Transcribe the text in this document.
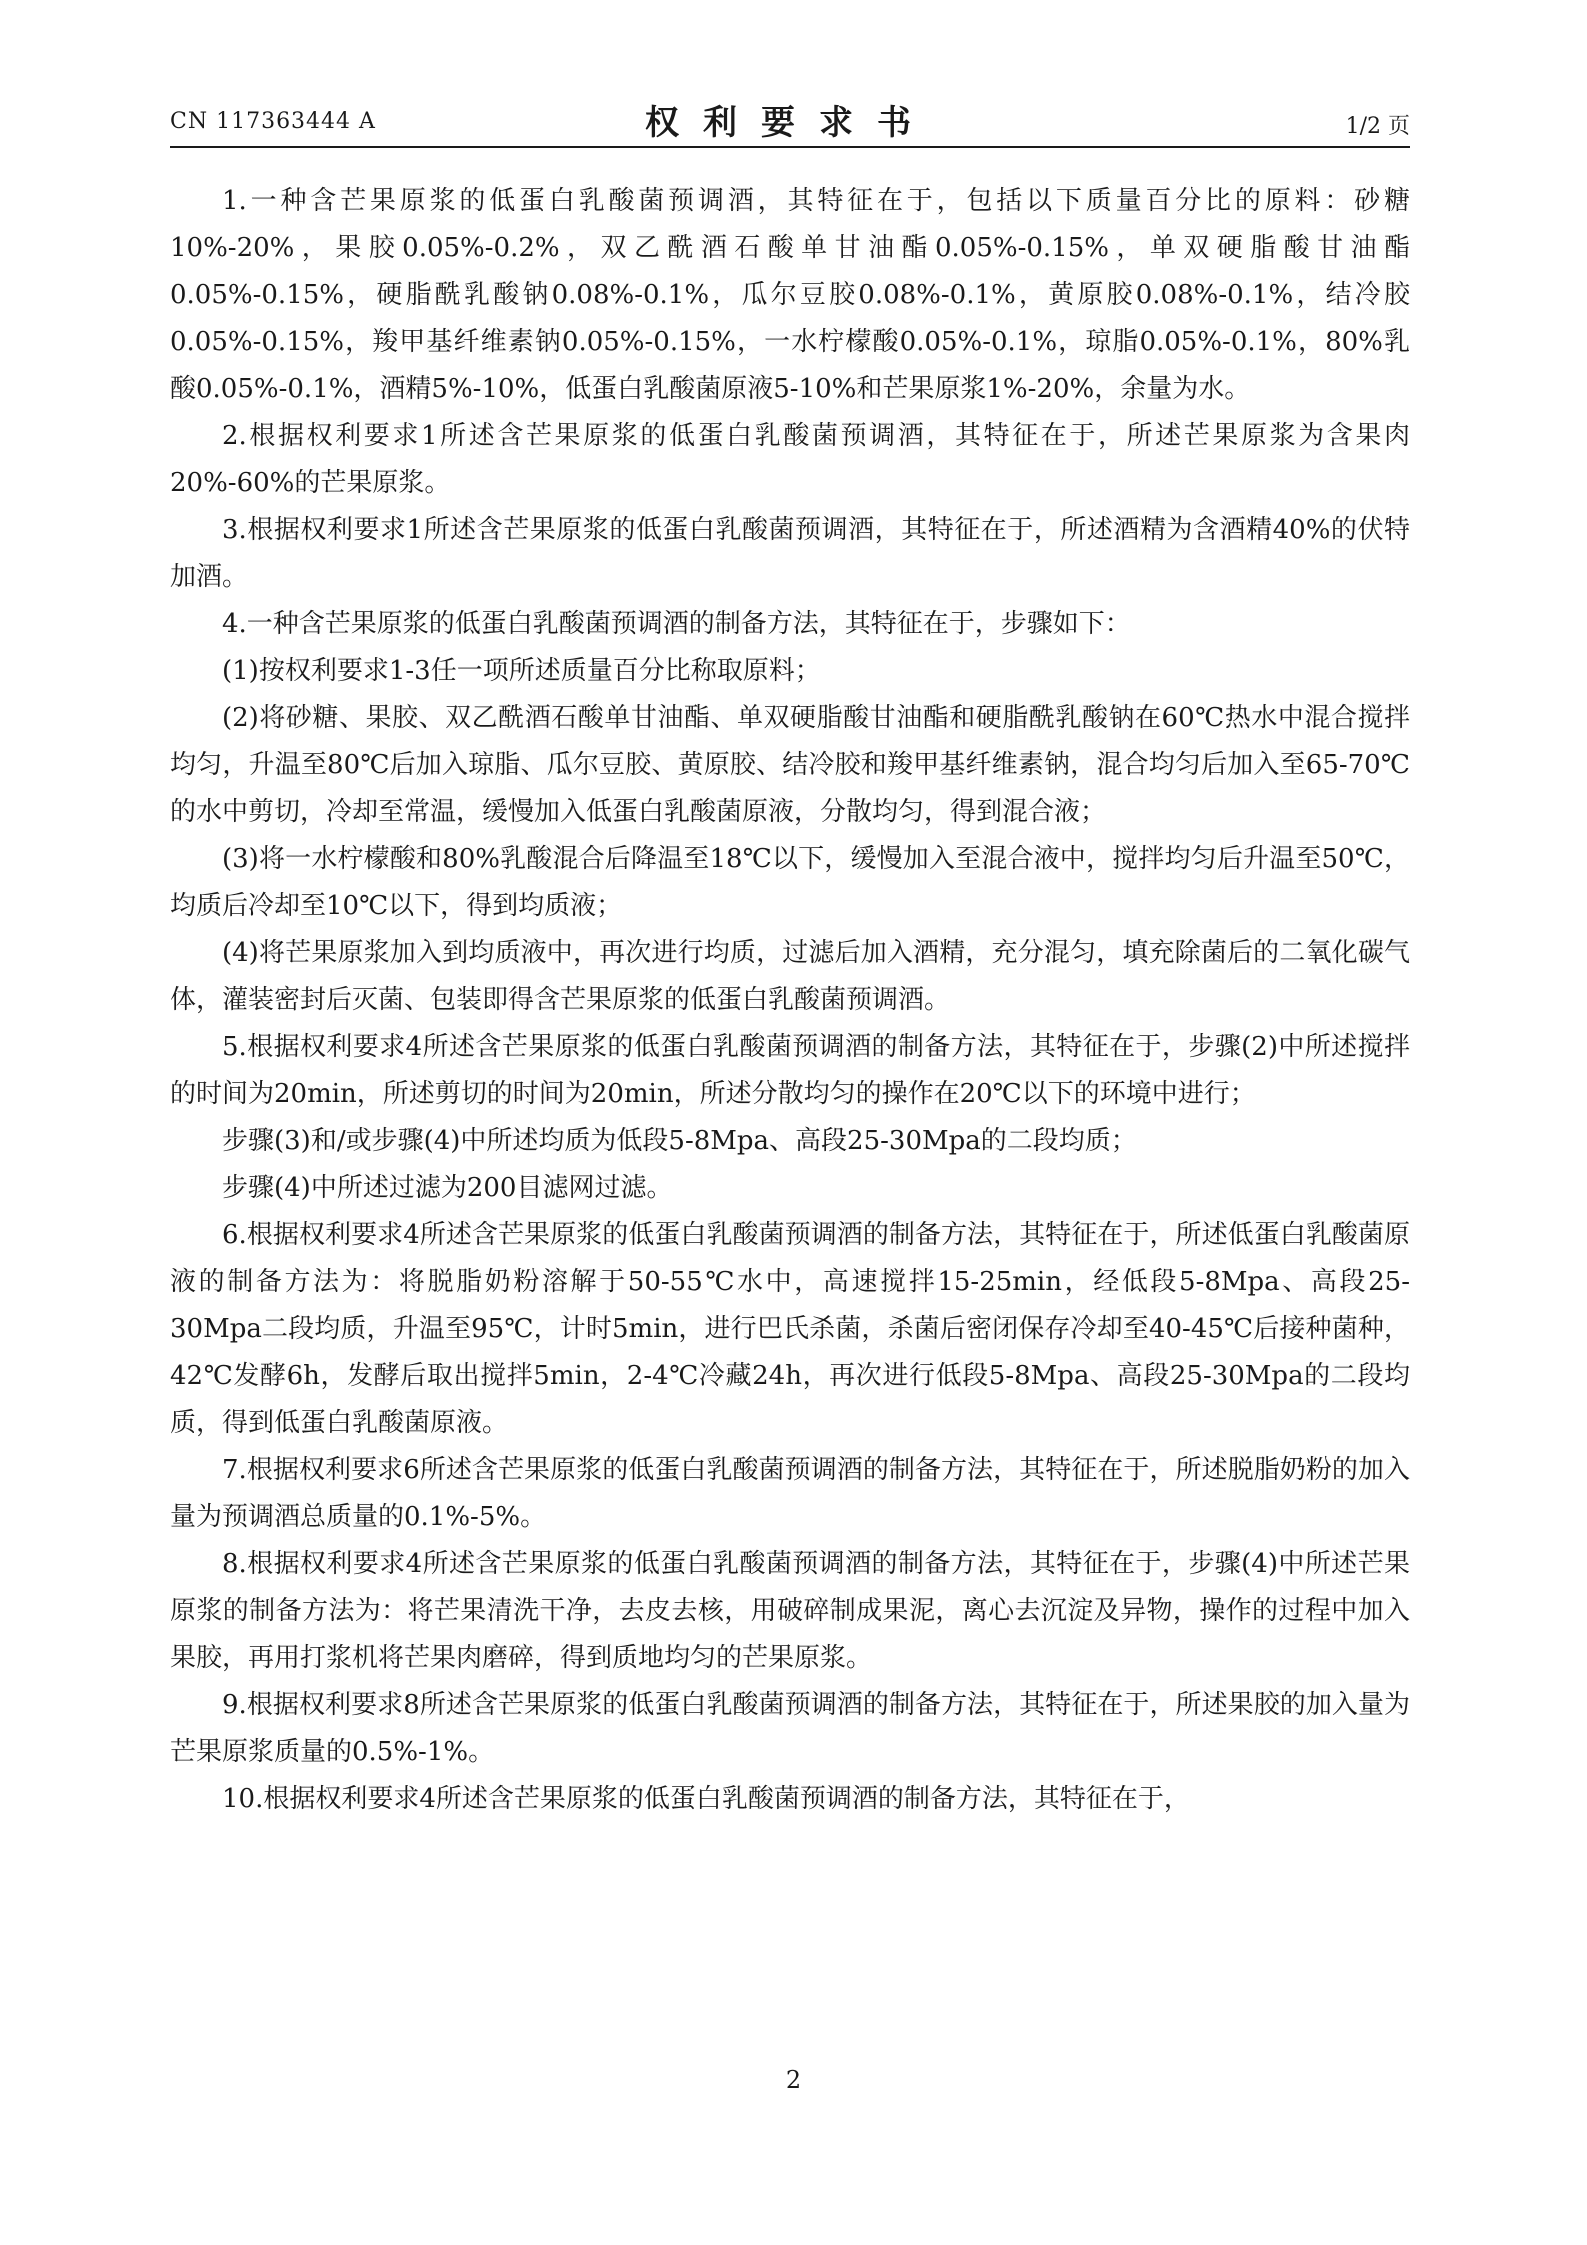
CN 117363444 A	权利要求书	1/2 页

1.一种含芒果原浆的低蛋白乳酸菌预调酒，其特征在于，包括以下质量百分比的原料：砂糖10%-20%，果胶0.05%-0.2%，双乙酰酒石酸单甘油酯0.05%-0.15%，单双硬脂酸甘油酯0.05%-0.15%，硬脂酰乳酸钠0.08%-0.1%，瓜尔豆胶0.08%-0.1%，黄原胶0.08%-0.1%，结冷胶0.05%-0.15%，羧甲基纤维素钠0.05%-0.15%，一水柠檬酸0.05%-0.1%，琼脂0.05%-0.1%，80%乳酸0.05%-0.1%，酒精5%-10%，低蛋白乳酸菌原液5-10%和芒果原浆1%-20%，余量为水。

2.根据权利要求1所述含芒果原浆的低蛋白乳酸菌预调酒，其特征在于，所述芒果原浆为含果肉20%-60%的芒果原浆。

3.根据权利要求1所述含芒果原浆的低蛋白乳酸菌预调酒，其特征在于，所述酒精为含酒精40%的伏特加酒。

4.一种含芒果原浆的低蛋白乳酸菌预调酒的制备方法，其特征在于，步骤如下：

(1)按权利要求1-3任一项所述质量百分比称取原料；

(2)将砂糖、果胶、双乙酰酒石酸单甘油酯、单双硬脂酸甘油酯和硬脂酰乳酸钠在60℃热水中混合搅拌均匀，升温至80℃后加入琼脂、瓜尔豆胶、黄原胶、结冷胶和羧甲基纤维素钠，混合均匀后加入至65-70℃的水中剪切，冷却至常温，缓慢加入低蛋白乳酸菌原液，分散均匀，得到混合液；

(3)将一水柠檬酸和80%乳酸混合后降温至18℃以下，缓慢加入至混合液中，搅拌均匀后升温至50℃，均质后冷却至10℃以下，得到均质液；

(4)将芒果原浆加入到均质液中，再次进行均质，过滤后加入酒精，充分混匀，填充除菌后的二氧化碳气体，灌装密封后灭菌、包装即得含芒果原浆的低蛋白乳酸菌预调酒。

5.根据权利要求4所述含芒果原浆的低蛋白乳酸菌预调酒的制备方法，其特征在于，步骤(2)中所述搅拌的时间为20min，所述剪切的时间为20min，所述分散均匀的操作在20℃以下的环境中进行；

步骤(3)和/或步骤(4)中所述均质为低段5-8Mpa、高段25-30Mpa的二段均质；

步骤(4)中所述过滤为200目滤网过滤。

6.根据权利要求4所述含芒果原浆的低蛋白乳酸菌预调酒的制备方法，其特征在于，所述低蛋白乳酸菌原液的制备方法为：将脱脂奶粉溶解于50-55℃水中，高速搅拌15-25min，经低段5-8Mpa、高段25-30Mpa二段均质，升温至95℃，计时5min，进行巴氏杀菌，杀菌后密闭保存冷却至40-45℃后接种菌种，42℃发酵6h，发酵后取出搅拌5min，2-4℃冷藏24h，再次进行低段5-8Mpa、高段25-30Mpa的二段均质，得到低蛋白乳酸菌原液。

7.根据权利要求6所述含芒果原浆的低蛋白乳酸菌预调酒的制备方法，其特征在于，所述脱脂奶粉的加入量为预调酒总质量的0.1%-5%。

8.根据权利要求4所述含芒果原浆的低蛋白乳酸菌预调酒的制备方法，其特征在于，步骤(4)中所述芒果原浆的制备方法为：将芒果清洗干净，去皮去核，用破碎制成果泥，离心去沉淀及异物，操作的过程中加入果胶，再用打浆机将芒果肉磨碎，得到质地均匀的芒果原浆。

9.根据权利要求8所述含芒果原浆的低蛋白乳酸菌预调酒的制备方法，其特征在于，所述果胶的加入量为芒果原浆质量的0.5%-1%。

10.根据权利要求4所述含芒果原浆的低蛋白乳酸菌预调酒的制备方法，其特征在于，

2
